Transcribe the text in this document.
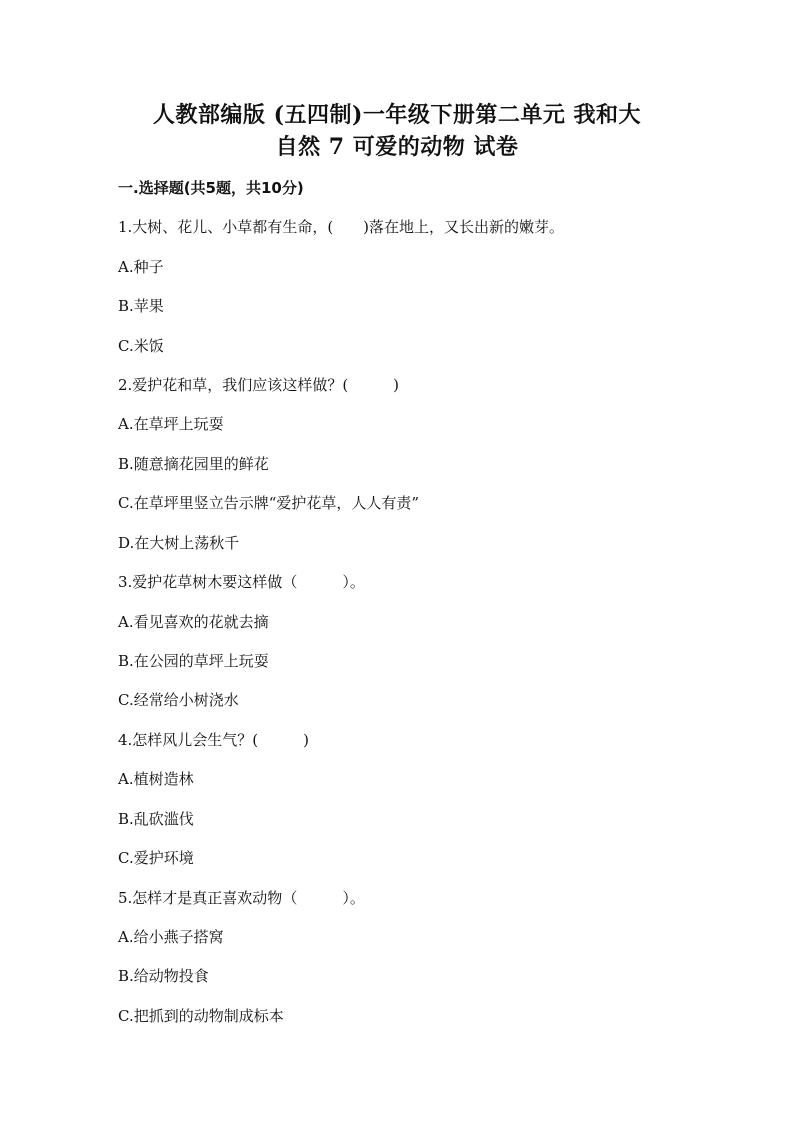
人教部编版 (五四制)一年级下册第二单元 我和大
自然 7 可爱的动物 试卷
一.选择题(共5题，共10分)
1.大树、花儿、小草都有生命，(　　)落在地上，又长出新的嫩芽。
A.种子
B.苹果
C.米饭
2.爱护花和草，我们应该这样做？(　　　)
A.在草坪上玩耍
B.随意摘花园里的鲜花
C.在草坪里竖立告示牌“爱护花草，人人有责”
D.在大树上荡秋千
3.爱护花草树木要这样做（　　　）。
A.看见喜欢的花就去摘
B.在公园的草坪上玩耍
C.经常给小树浇水
4.怎样风儿会生气？(　　　)
A.植树造林
B.乱砍滥伐
C.爱护环境
5.怎样才是真正喜欢动物（　　　）。
A.给小燕子搭窝
B.给动物投食
C.把抓到的动物制成标本
